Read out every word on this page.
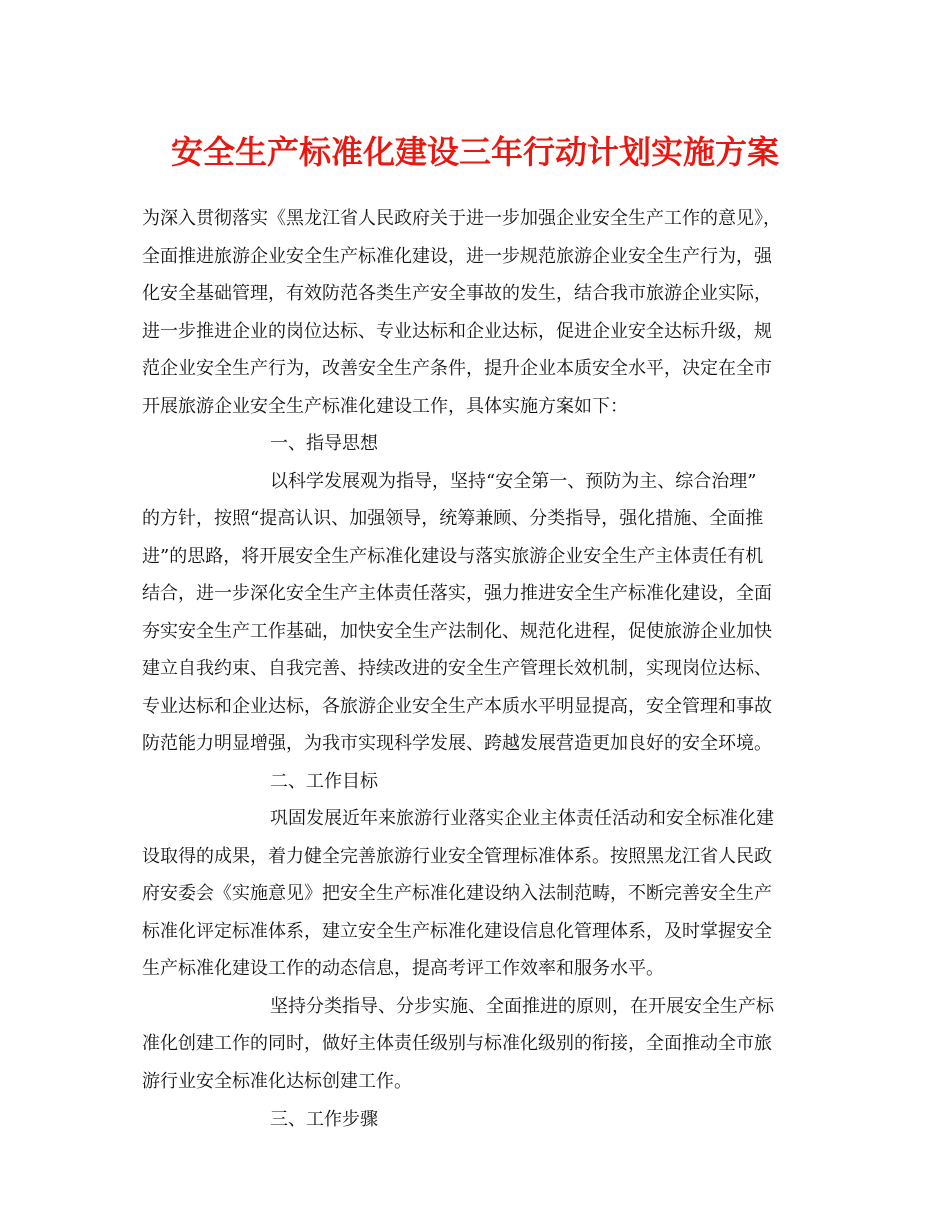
安全生产标准化建设三年行动计划实施方案
为深入贯彻落实《黑龙江省人民政府关于进一步加强企业安全生产工作的意见》，
全面推进旅游企业安全生产标准化建设，进一步规范旅游企业安全生产行为，强
化安全基础管理，有效防范各类生产安全事故的发生，结合我市旅游企业实际，
进一步推进企业的岗位达标、专业达标和企业达标，促进企业安全达标升级，规
范企业安全生产行为，改善安全生产条件，提升企业本质安全水平，决定在全市
开展旅游企业安全生产标准化建设工作，具体实施方案如下：
一、指导思想
以科学发展观为指导，坚持“安全第一、预防为主、综合治理”
的方针，按照“提高认识、加强领导，统筹兼顾、分类指导，强化措施、全面推
进”的思路，将开展安全生产标准化建设与落实旅游企业安全生产主体责任有机
结合，进一步深化安全生产主体责任落实，强力推进安全生产标准化建设，全面
夯实安全生产工作基础，加快安全生产法制化、规范化进程，促使旅游企业加快
建立自我约束、自我完善、持续改进的安全生产管理长效机制，实现岗位达标、
专业达标和企业达标，各旅游企业安全生产本质水平明显提高，安全管理和事故
防范能力明显增强，为我市实现科学发展、跨越发展营造更加良好的安全环境。
二、工作目标
巩固发展近年来旅游行业落实企业主体责任活动和安全标准化建
设取得的成果，着力健全完善旅游行业安全管理标准体系。按照黑龙江省人民政
府安委会《实施意见》把安全生产标准化建设纳入法制范畴，不断完善安全生产
标准化评定标准体系，建立安全生产标准化建设信息化管理体系，及时掌握安全
生产标准化建设工作的动态信息，提高考评工作效率和服务水平。
坚持分类指导、分步实施、全面推进的原则，在开展安全生产标
准化创建工作的同时，做好主体责任级别与标准化级别的衔接，全面推动全市旅
游行业安全标准化达标创建工作。
三、工作步骤
